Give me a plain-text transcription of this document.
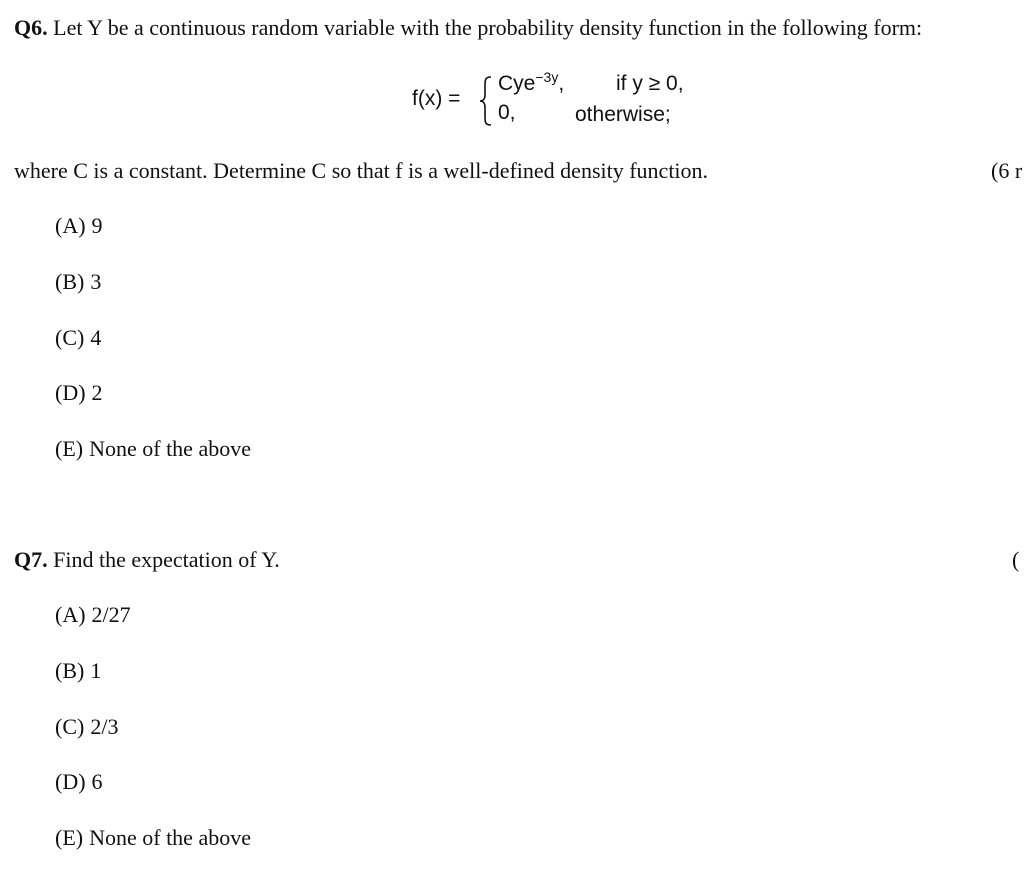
Q6. Let Y be a continuous random variable with the probability density function in the following form:
f(x) =
Cye$^{-3y}$, if y ≥ 0,
0,	otherwise;
where C is a constant. Determine C so that f is a well-defined density function.	(6 r
(A) 9
(B) 3
(C) 4
(D) 2
(E) None of the above
Q7. Find the expectation of Y.	(
(A) 2/27
(B) 1
(C) 2/3
(D) 6
(E) None of the above
